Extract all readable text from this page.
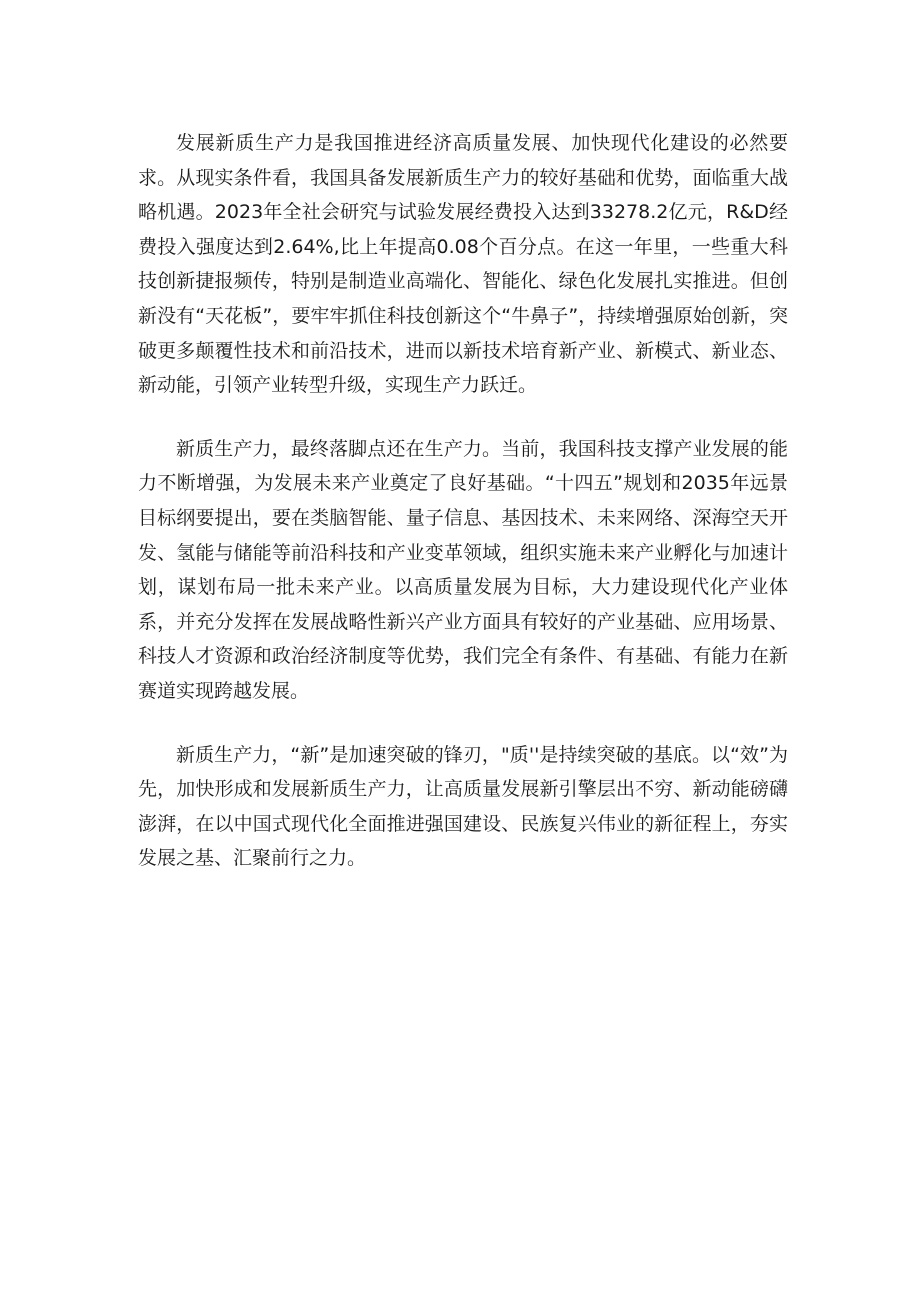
发展新质生产力是我国推进经济高质量发展、加快现代化建设的必然要求。从现实条件看，我国具备发展新质生产力的较好基础和优势，面临重大战略机遇。2023年全社会研究与试验发展经费投入达到33278.2亿元，R&D经费投入强度达到2.64%,比上年提高0.08个百分点。在这一年里，一些重大科技创新捷报频传，特别是制造业高端化、智能化、绿色化发展扎实推进。但创新没有“天花板”，要牢牢抓住科技创新这个“牛鼻子”，持续增强原始创新，突破更多颠覆性技术和前沿技术，进而以新技术培育新产业、新模式、新业态、新动能，引领产业转型升级，实现生产力跃迁。

新质生产力，最终落脚点还在生产力。当前，我国科技支撑产业发展的能力不断增强，为发展未来产业奠定了良好基础。“十四五”规划和2035年远景目标纲要提出，要在类脑智能、量子信息、基因技术、未来网络、深海空天开发、氢能与储能等前沿科技和产业变革领域，组织实施未来产业孵化与加速计划，谋划布局一批未来产业。以高质量发展为目标，大力建设现代化产业体系，并充分发挥在发展战略性新兴产业方面具有较好的产业基础、应用场景、科技人才资源和政治经济制度等优势，我们完全有条件、有基础、有能力在新赛道实现跨越发展。

新质生产力，“新”是加速突破的锋刃，"质''是持续突破的基底。以“效”为先，加快形成和发展新质生产力，让高质量发展新引擎层出不穷、新动能磅礴澎湃，在以中国式现代化全面推进强国建设、民族复兴伟业的新征程上，夯实发展之基、汇聚前行之力。
